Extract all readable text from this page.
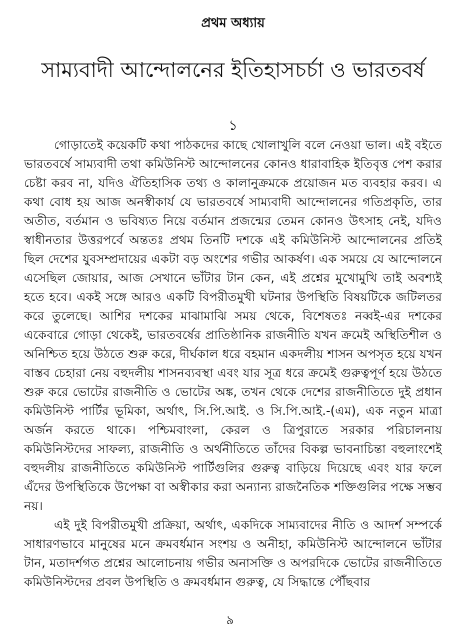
প্রথম অধ্যায়
সাম্যবাদী আন্দোলনের ইতিহাসচর্চা ও ভারতবর্ষ
১

গোড়াতেই কয়েকটি কথা পাঠকদের কাছে খোলাখুলি বলে নেওয়া ভাল। এই বইতে ভারতবর্ষে সাম্যবাদী তথা কমিউনিস্ট আন্দোলনের কোনও ধারাবাহিক ইতিবৃত্ত পেশ করার চেষ্টা করব না, যদিও ঐতিহাসিক তথ্য ও কালানুক্রমকে প্রয়োজন মত ব্যবহার করব। এ কথা বোধ হয় আজ অনস্বীকার্য যে ভারতবর্ষে সাম্যবাদী আন্দোলনের গতিপ্রকৃতি, তার অতীত, বর্তমান ও ভবিষ্যত নিয়ে বর্তমান প্রজন্মের তেমন কোনও উৎসাহ নেই, যদিও স্বাধীনতার উত্তরপর্বে অন্ততঃ প্রথম তিনটি দশকে এই কমিউনিস্ট আন্দোলনের প্রতিই ছিল দেশের যুবসম্প্রদায়ের একটা বড় অংশের গভীর আকর্ষণ। এক সময়ে যে আন্দোলনে এসেছিল জোয়ার, আজ সেখানে ভাঁটার টান কেন, এই প্রশ্নের মুখোমুখি তাই অবশ্যই হতে হবে। একই সঙ্গে আরও একটি বিপরীতমুখী ঘটনার উপস্থিতি বিষয়টিকে জটিলতর করে তুলেছে। আশির দশকের মাঝামাঝি সময় থেকে, বিশেষতঃ নব্বই-এর দশকের একেবারে গোড়া থেকেই, ভারতবর্ষের প্রাতিষ্ঠানিক রাজনীতি যখন ক্রমেই অস্থিতিশীল ও অনিশ্চিত হয়ে উঠতে শুরু করে, দীর্ঘকাল ধরে বহমান একদলীয় শাসন অপসৃত হয়ে যখন বাস্তব চেহারা নেয় বহুদলীয় শাসনব্যবস্থা এবং যার সূত্র ধরে ক্রমেই গুরুত্বপূর্ণ হয়ে উঠতে শুরু করে ভোটের রাজনীতি ও ভোটের অঙ্ক, তখন থেকে দেশের রাজনীতিতে দুই প্রধান কমিউনিস্ট পার্টির ভূমিকা, অর্থাৎ, সি.পি.আই. ও সি.পি.আই.-(এম), এক নতুন মাত্রা অর্জন করতে থাকে। পশ্চিমবাংলা, কেরল ও ত্রিপুরাতে সরকার পরিচালনায় কমিউনিস্টদের সাফল্য, রাজনীতি ও অর্থনীতিতে তাঁদের বিকল্প ভাবনাচিন্তা বহুলাংশেই বহুদলীয় রাজনীতিতে কমিউনিস্ট পার্টিগুলির গুরুত্ব বাড়িয়ে দিয়েছে এবং যার ফলে এঁদের উপস্থিতিকে উপেক্ষা বা অস্বীকার করা অন্যান্য রাজনৈতিক শক্তিগুলির পক্ষে সম্ভব নয়।

এই দুই বিপরীতমুখী প্রক্রিয়া, অর্থাৎ, একদিকে সাম্যবাদের নীতি ও আদর্শ সম্পর্কে সাধারণভাবে মানুষের মনে ক্রমবর্ধমান সংশয় ও অনীহা, কমিউনিস্ট আন্দোলনে ভাঁটার টান, মতাদর্শগত প্রশ্নের আলোচনায় গভীর অনাসক্তি ও অপরদিকে ভোটের রাজনীতিতে কমিউনিস্টদের প্রবল উপস্থিতি ও ক্রমবর্ধমান গুরুত্ব, যে সিদ্ধান্তে পৌঁছবার

৯
